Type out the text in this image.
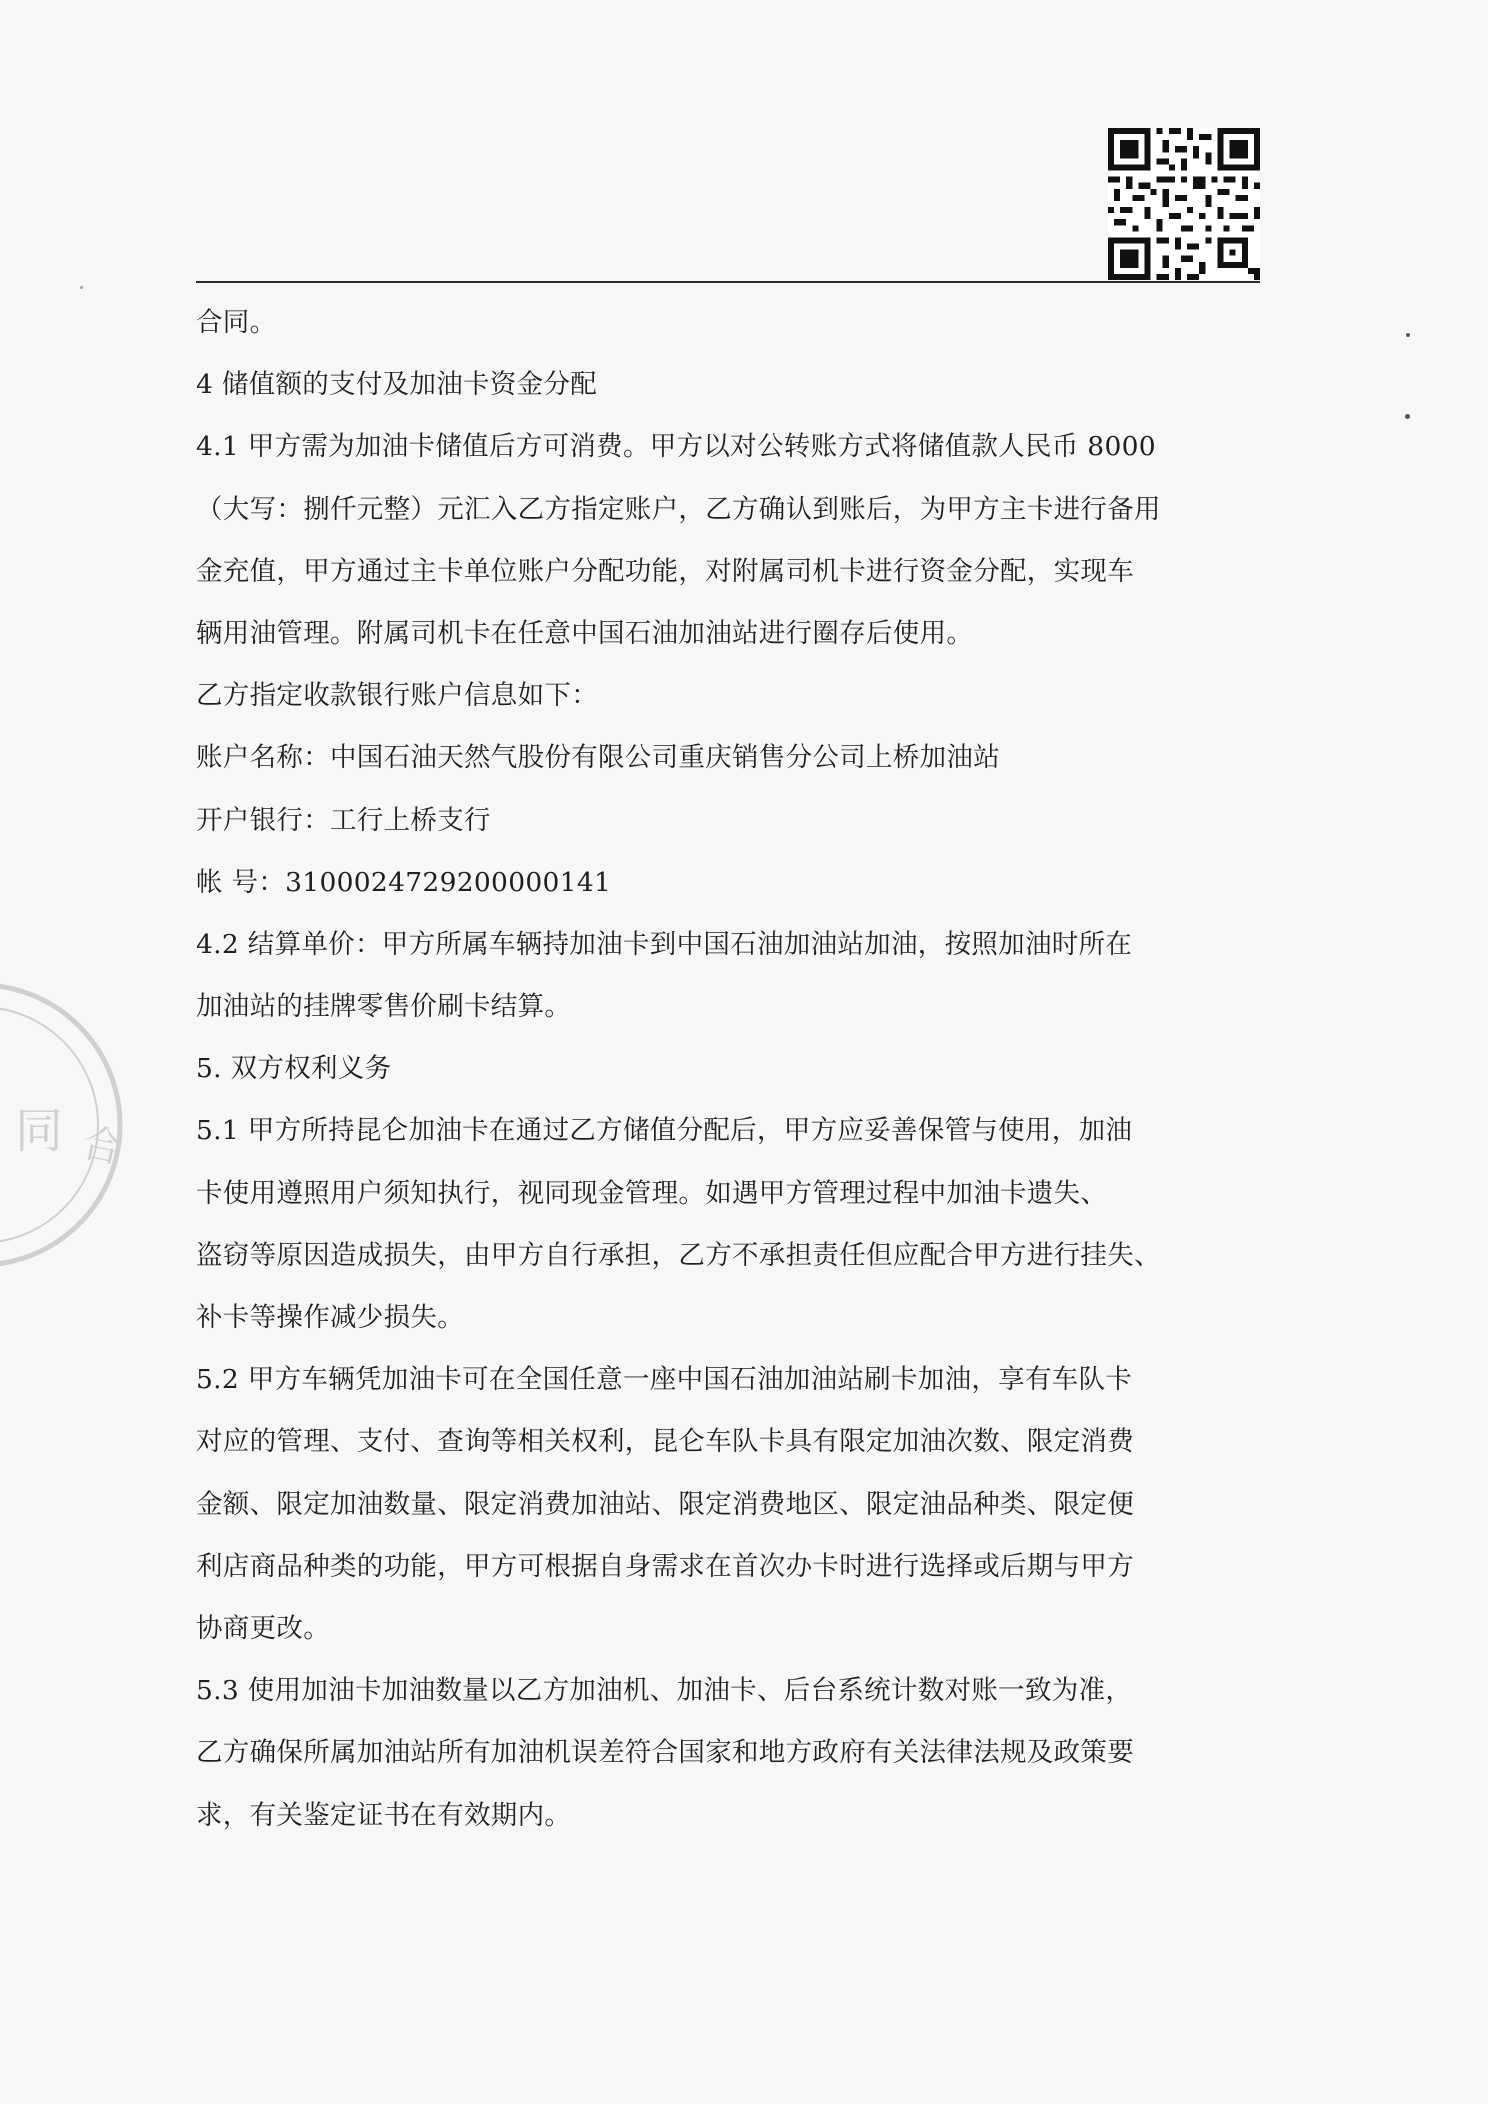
同 合
合同。
4 储值额的支付及加油卡资金分配
4.1 甲方需为加油卡储值后方可消费。甲方以对公转账方式将储值款人民币 8000
（大写：捌仟元整）元汇入乙方指定账户，乙方确认到账后，为甲方主卡进行备用
金充值，甲方通过主卡单位账户分配功能，对附属司机卡进行资金分配，实现车
辆用油管理。附属司机卡在任意中国石油加油站进行圈存后使用。
乙方指定收款银行账户信息如下：
账户名称：中国石油天然气股份有限公司重庆销售分公司上桥加油站
开户银行：工行上桥支行
帐 号：3100024729200000141
4.2 结算单价：甲方所属车辆持加油卡到中国石油加油站加油，按照加油时所在
加油站的挂牌零售价刷卡结算。
5. 双方权利义务
5.1 甲方所持昆仑加油卡在通过乙方储值分配后，甲方应妥善保管与使用，加油
卡使用遵照用户须知执行，视同现金管理。如遇甲方管理过程中加油卡遗失、
盗窃等原因造成损失，由甲方自行承担，乙方不承担责任但应配合甲方进行挂失、
补卡等操作减少损失。
5.2 甲方车辆凭加油卡可在全国任意一座中国石油加油站刷卡加油，享有车队卡
对应的管理、支付、查询等相关权利，昆仑车队卡具有限定加油次数、限定消费
金额、限定加油数量、限定消费加油站、限定消费地区、限定油品种类、限定便
利店商品种类的功能，甲方可根据自身需求在首次办卡时进行选择或后期与甲方
协商更改。
5.3 使用加油卡加油数量以乙方加油机、加油卡、后台系统计数对账一致为准，
乙方确保所属加油站所有加油机误差符合国家和地方政府有关法律法规及政策要
求，有关鉴定证书在有效期内。
